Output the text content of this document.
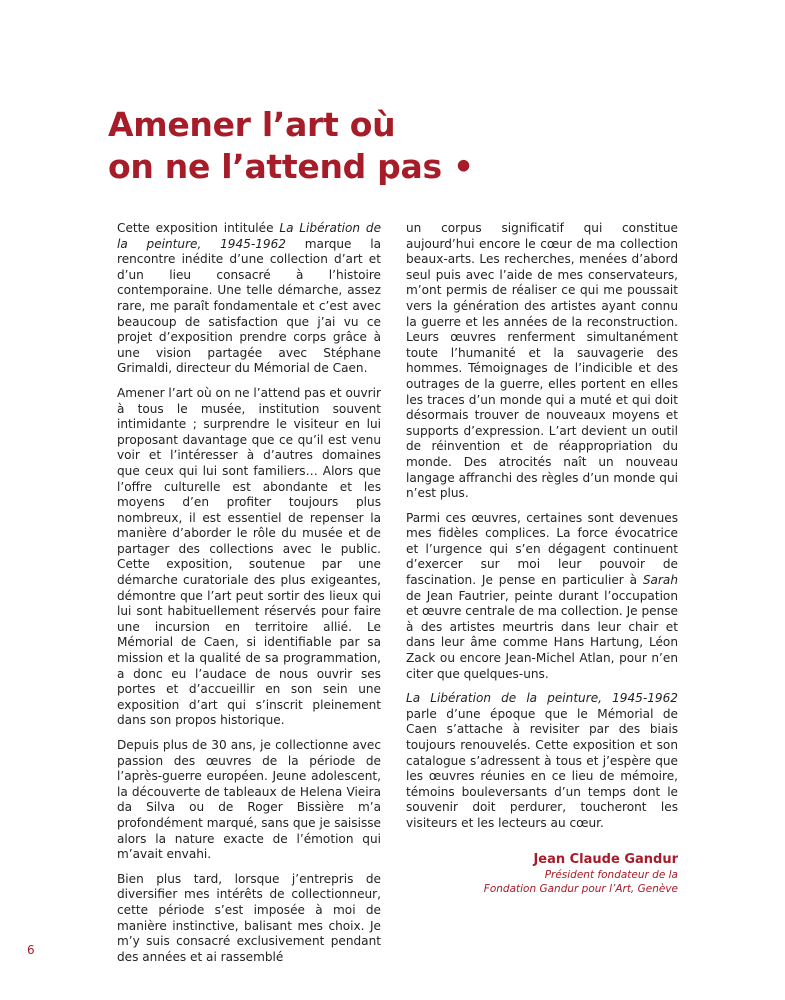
Amener l’art où
on ne l’attend pas •

Cette exposition intitulée La Libération de la peinture, 1945-1962 marque la rencontre inédite d’une collection d’art et d’un lieu consacré à l’histoire contemporaine. Une telle démarche, assez rare, me paraît fondamentale et c’est avec beaucoup de satisfaction que j’ai vu ce projet d’exposition prendre corps grâce à une vision partagée avec Stéphane Grimaldi, directeur du Mémorial de Caen.

Amener l’art où on ne l’attend pas et ouvrir à tous le musée, institution souvent intimidante ; surprendre le visiteur en lui proposant davantage que ce qu’il est venu voir et l’intéresser à d’autres domaines que ceux qui lui sont familiers… Alors que l’offre culturelle est abondante et les moyens d’en profiter toujours plus nombreux, il est essentiel de repenser la manière d’aborder le rôle du musée et de partager des collections avec le public. Cette exposition, soutenue par une démarche curatoriale des plus exigeantes, démontre que l’art peut sortir des lieux qui lui sont habituellement réservés pour faire une incursion en territoire allié. Le Mémorial de Caen, si identifiable par sa mission et la qualité de sa programmation, a donc eu l’audace de nous ouvrir ses portes et d’accueillir en son sein une exposition d’art qui s’inscrit pleinement dans son propos historique.

Depuis plus de 30 ans, je collectionne avec passion des œuvres de la période de l’après-guerre européen. Jeune adolescent, la découverte de tableaux de Helena Vieira da Silva ou de Roger Bissière m’a profondément marqué, sans que je saisisse alors la nature exacte de l’émotion qui m’avait envahi.

Bien plus tard, lorsque j’entrepris de diversifier mes intérêts de collectionneur, cette période s’est imposée à moi de manière instinctive, balisant mes choix. Je m’y suis consacré exclusivement pendant des années et ai rassemblé

un corpus significatif qui constitue aujourd’hui encore le cœur de ma collection beaux-arts. Les recherches, menées d’abord seul puis avec l’aide de mes conservateurs, m’ont permis de réaliser ce qui me poussait vers la génération des artistes ayant connu la guerre et les années de la reconstruction. Leurs œuvres renferment simultanément toute l’humanité et la sauvagerie des hommes. Témoignages de l’indicible et des outrages de la guerre, elles portent en elles les traces d’un monde qui a muté et qui doit désormais trouver de nouveaux moyens et supports d’expression. L’art devient un outil de réinvention et de réappropriation du monde. Des atrocités naît un nouveau langage affranchi des règles d’un monde qui n’est plus.

Parmi ces œuvres, certaines sont devenues mes fidèles complices. La force évocatrice et l’urgence qui s’en dégagent continuent d’exercer sur moi leur pouvoir de fascination. Je pense en particulier à Sarah de Jean Fautrier, peinte durant l’occupation et œuvre centrale de ma collection. Je pense à des artistes meurtris dans leur chair et dans leur âme comme Hans Hartung, Léon Zack ou encore Jean-Michel Atlan, pour n’en citer que quelques-uns.

La Libération de la peinture, 1945-1962 parle d’une époque que le Mémorial de Caen s’attache à revisiter par des biais toujours renouvelés. Cette exposition et son catalogue s’adressent à tous et j’espère que les œuvres réunies en ce lieu de mémoire, témoins bouleversants d’un temps dont le souvenir doit perdurer, toucheront les visiteurs et les lecteurs au cœur.

Jean Claude Gandur

Président fondateur de la

Fondation Gandur pour l’Art, Genève

6
